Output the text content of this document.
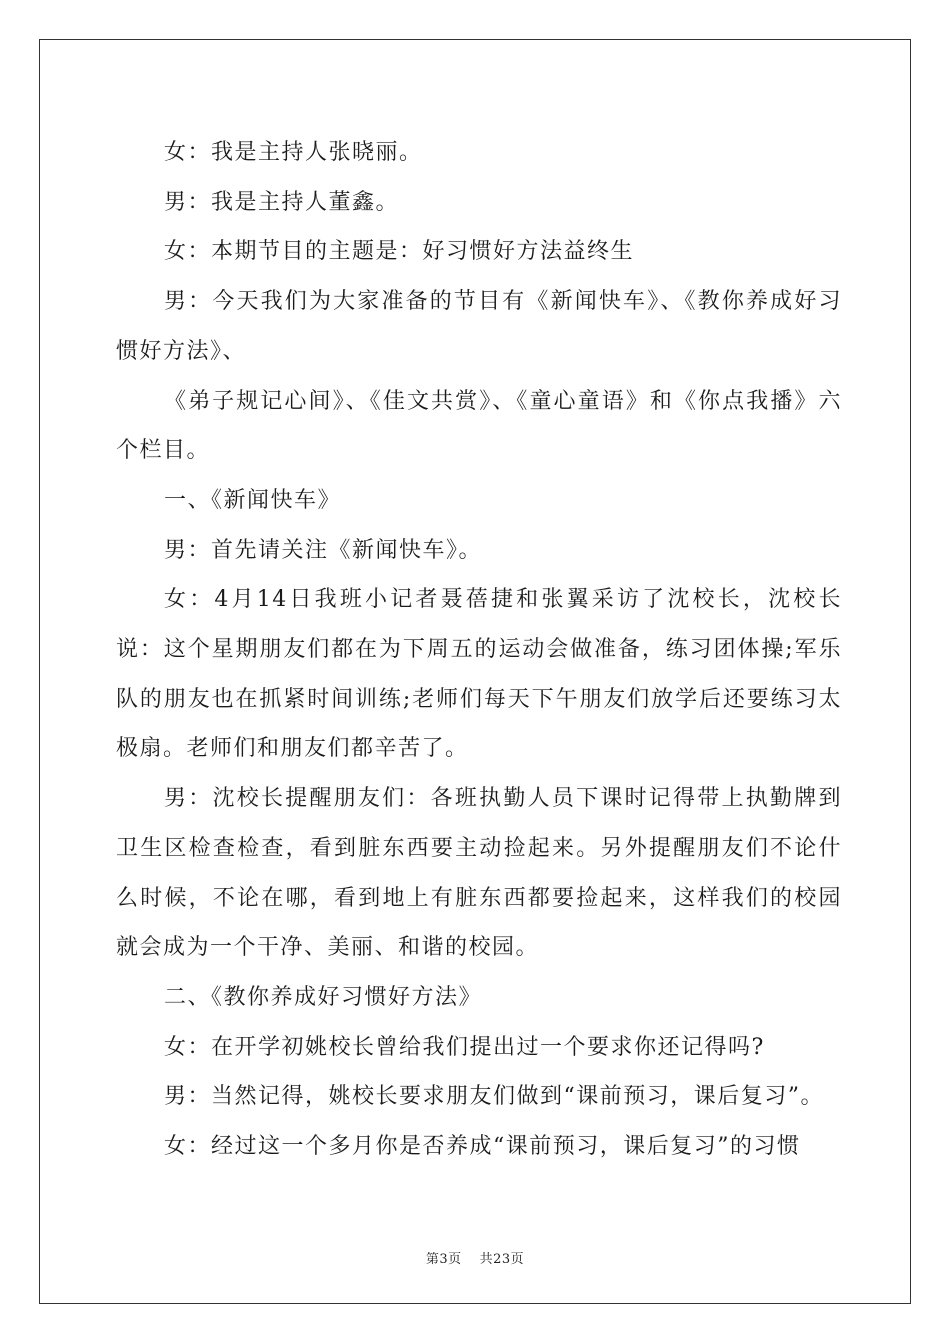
女：我是主持人张晓丽。

男：我是主持人董鑫。

女：本期节目的主题是：好习惯好方法益终生

男：今天我们为大家准备的节目有《新闻快车》、《教你养成好习惯好方法》、

《弟子规记心间》、《佳文共赏》、《童心童语》和《你点我播》六个栏目。

一、《新闻快车》

男：首先请关注《新闻快车》。

女：4月14日我班小记者聂蓓捷和张翼采访了沈校长，沈校长说：这个星期朋友们都在为下周五的运动会做准备，练习团体操;军乐队的朋友也在抓紧时间训练;老师们每天下午朋友们放学后还要练习太极扇。老师们和朋友们都辛苦了。

男：沈校长提醒朋友们：各班执勤人员下课时记得带上执勤牌到卫生区检查检查，看到脏东西要主动捡起来。另外提醒朋友们不论什么时候，不论在哪，看到地上有脏东西都要捡起来，这样我们的校园就会成为一个干净、美丽、和谐的校园。

二、《教你养成好习惯好方法》

女：在开学初姚校长曾给我们提出过一个要求你还记得吗?

男：当然记得，姚校长要求朋友们做到“课前预习，课后复习”。

女：经过这一个多月你是否养成“课前预习，课后复习”的习惯

第3页 共23页
